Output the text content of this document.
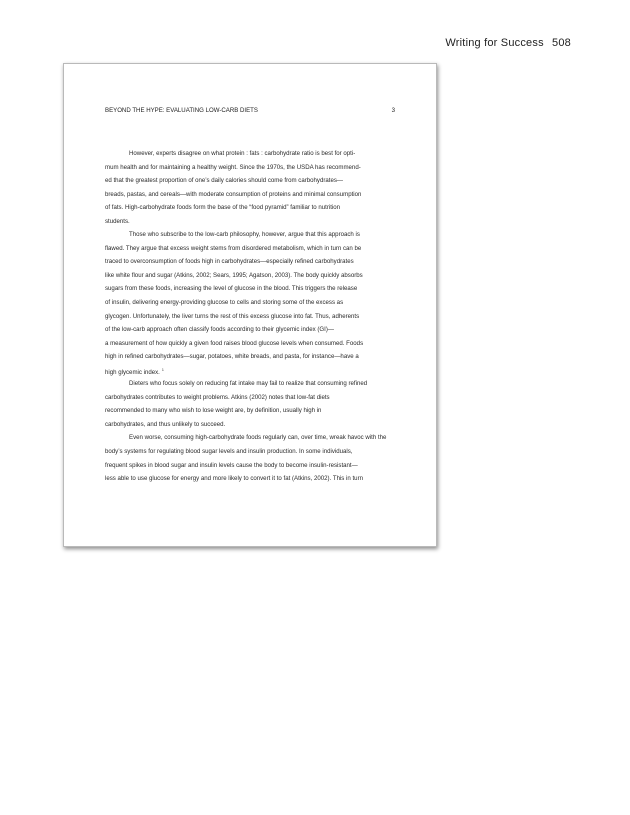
Writing for Success 508
BEYOND THE HYPE: EVALUATING LOW-CARB DIETS	3
However, experts disagree on what protein : fats : carbohydrate ratio is best for opti-
mum health and for maintaining a healthy weight. Since the 1970s, the USDA has recommend-
ed that the greatest proportion of one’s daily calories should come from carbohydrates—
breads, pastas, and cereals—with moderate consumption of proteins and minimal consumption
of fats. High-carbohydrate foods form the base of the “food pyramid” familiar to nutrition
students.
Those who subscribe to the low-carb philosophy, however, argue that this approach is
flawed. They argue that excess weight stems from disordered metabolism, which in turn can be
traced to overconsumption of foods high in carbohydrates—especially refined carbohydrates
like white flour and sugar (Atkins, 2002; Sears, 1995; Agatson, 2003). The body quickly absorbs
sugars from these foods, increasing the level of glucose in the blood. This triggers the release
of insulin, delivering energy-providing glucose to cells and storing some of the excess as
glycogen. Unfortunately, the liver turns the rest of this excess glucose into fat. Thus, adherents
of the low-carb approach often classify foods according to their glycemic index (GI)—
a measurement of how quickly a given food raises blood glucose levels when consumed. Foods
high in refined carbohydrates—sugar, potatoes, white breads, and pasta, for instance—have a
high glycemic index. $^1$
Dieters who focus solely on reducing fat intake may fail to realize that consuming refined
carbohydrates contributes to weight problems. Atkins (2002) notes that low-fat diets
recommended to many who wish to lose weight are, by definition, usually high in
carbohydrates, and thus unlikely to succeed.
Even worse, consuming high-carbohydrate foods regularly can, over time, wreak havoc with the
body’s systems for regulating blood sugar levels and insulin production. In some individuals,
frequent spikes in blood sugar and insulin levels cause the body to become insulin-resistant—
less able to use glucose for energy and more likely to convert it to fat (Atkins, 2002). This in turn
